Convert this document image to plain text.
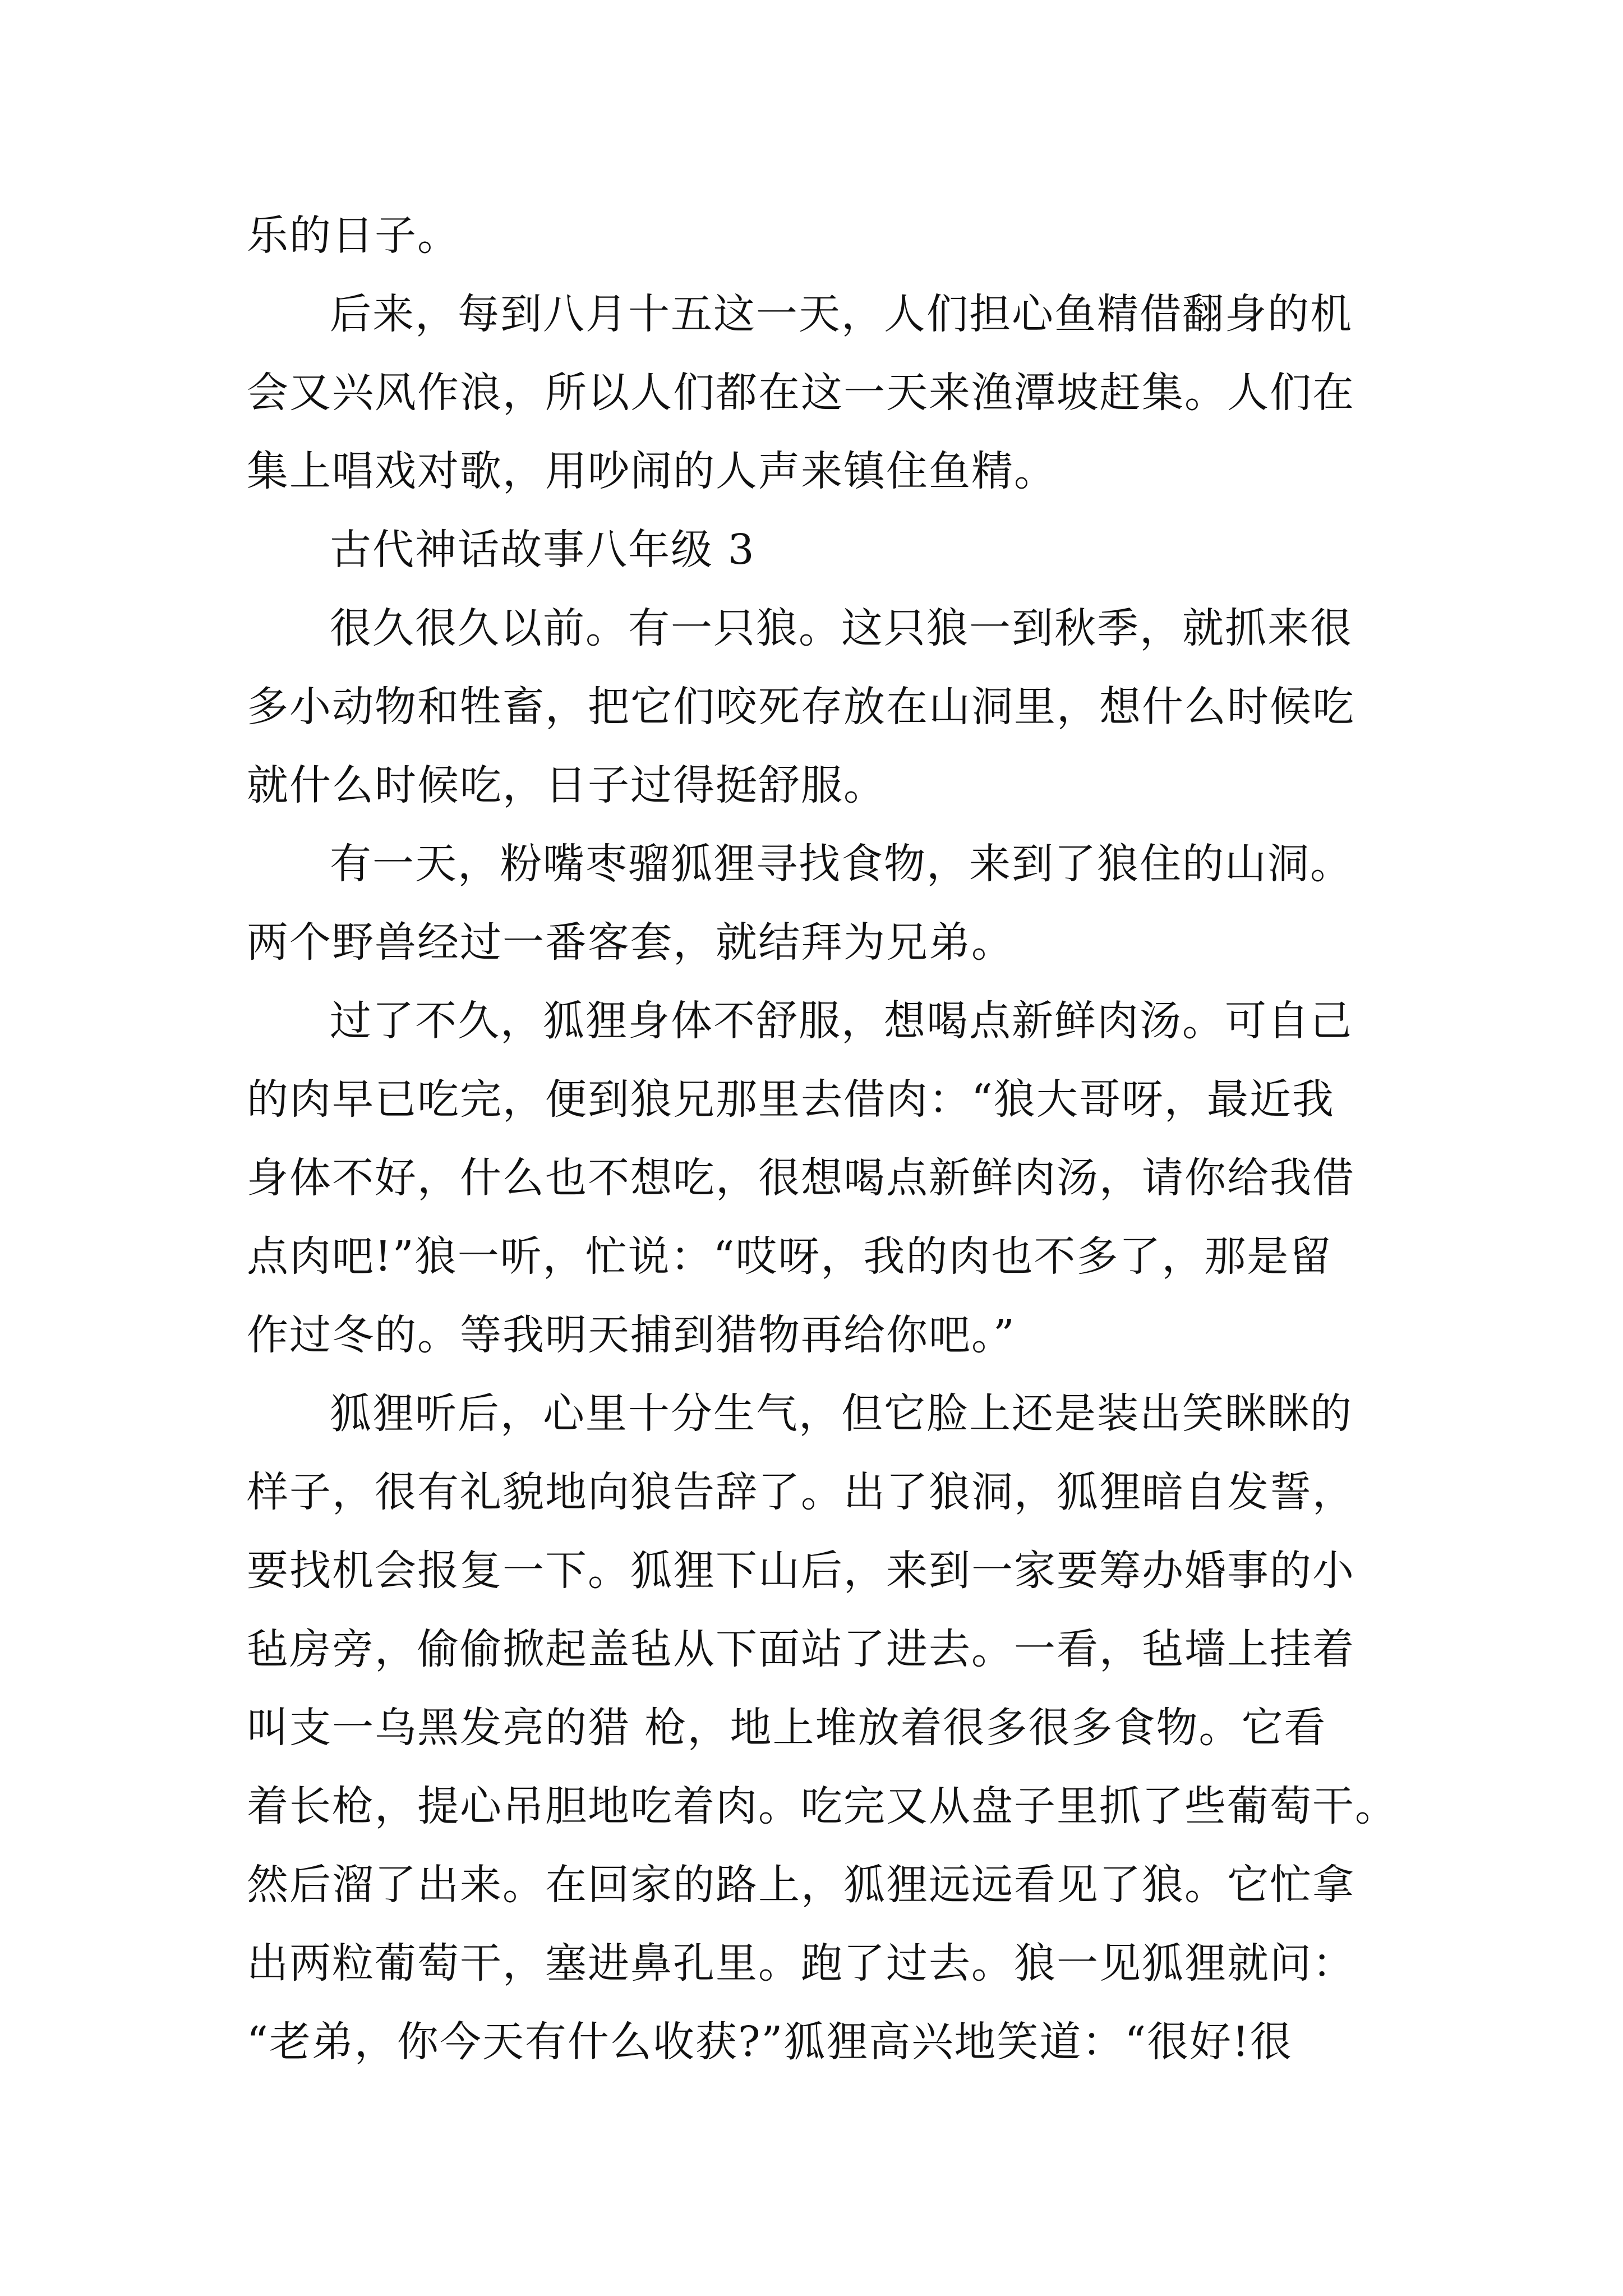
乐的日子。
后来，每到八月十五这一天，人们担心鱼精借翻身的机
会又兴风作浪，所以人们都在这一天来渔潭坡赶集。人们在
集上唱戏对歌，用吵闹的人声来镇住鱼精。
古代神话故事八年级 3
很久很久以前。有一只狼。这只狼一到秋季，就抓来很
多小动物和牲畜，把它们咬死存放在山洞里，想什么时候吃
就什么时候吃，日子过得挺舒服。
有一天，粉嘴枣骝狐狸寻找食物，来到了狼住的山洞。
两个野兽经过一番客套，就结拜为兄弟。
过了不久，狐狸身体不舒服，想喝点新鲜肉汤。可自己
的肉早已吃完，便到狼兄那里去借肉：“狼大哥呀，最近我
身体不好，什么也不想吃，很想喝点新鲜肉汤，请你给我借
点肉吧!”狼一听，忙说：“哎呀，我的肉也不多了，那是留
作过冬的。等我明天捕到猎物再给你吧。”
狐狸听后，心里十分生气，但它脸上还是装出笑眯眯的
样子，很有礼貌地向狼告辞了。出了狼洞，狐狸暗自发誓，
要找机会报复一下。狐狸下山后，来到一家要筹办婚事的小
毡房旁，偷偷掀起盖毡从下面站了进去。一看，毡墙上挂着
叫支一乌黑发亮的猎 枪，地上堆放着很多很多食物。它看
着长枪，提心吊胆地吃着肉。吃完又从盘子里抓了些葡萄干。
然后溜了出来。在回家的路上，狐狸远远看见了狼。它忙拿
出两粒葡萄干，塞进鼻孔里。跑了过去。狼一见狐狸就问：
“老弟，你今天有什么收获?”狐狸高兴地笑道：“很好!很
